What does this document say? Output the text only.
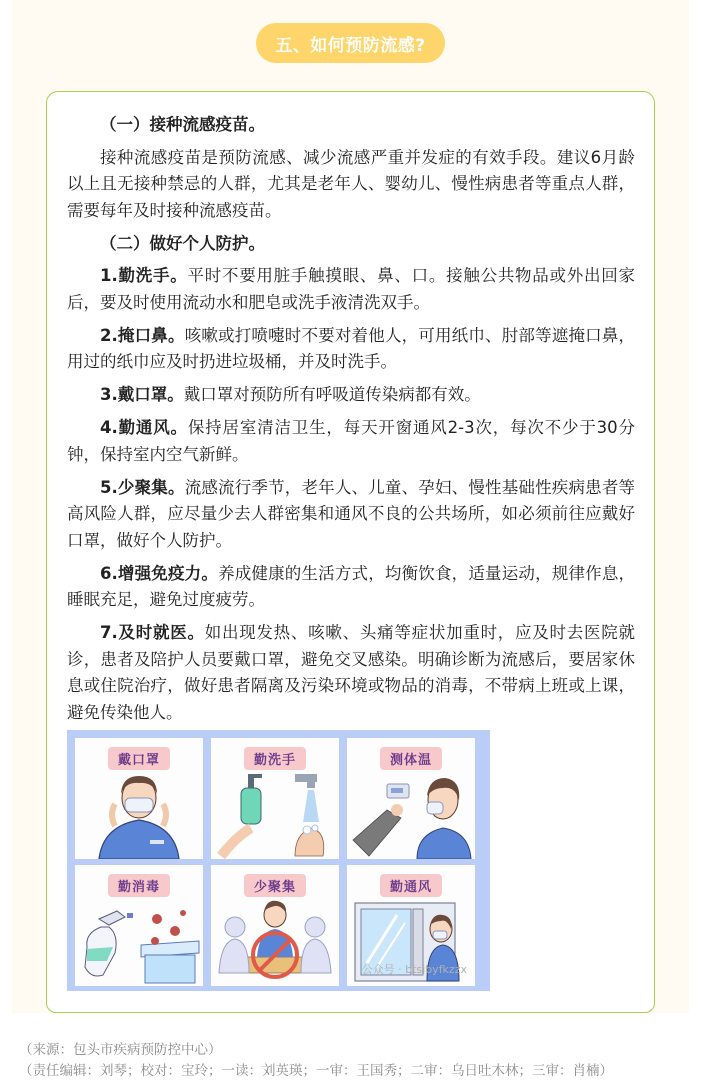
五、如何预防流感?

（一）接种流感疫苗。

接种流感疫苗是预防流感、减少流感严重并发症的有效手段。建议6月龄以上且无接种禁忌的人群，尤其是老年人、婴幼儿、慢性病患者等重点人群，需要每年及时接种流感疫苗。

（二）做好个人防护。

1.勤洗手。平时不要用脏手触摸眼、鼻、口。接触公共物品或外出回家后，要及时使用流动水和肥皂或洗手液清洗双手。

2.掩口鼻。咳嗽或打喷嚏时不要对着他人，可用纸巾、肘部等遮掩口鼻，用过的纸巾应及时扔进垃圾桶，并及时洗手。

3.戴口罩。戴口罩对预防所有呼吸道传染病都有效。

4.勤通风。保持居室清洁卫生，每天开窗通风2-3次，每次不少于30分钟，保持室内空气新鲜。

5.少聚集。流感流行季节，老年人、儿童、孕妇、慢性基础性疾病患者等高风险人群，应尽量少去人群密集和通风不良的公共场所，如必须前往应戴好口罩，做好个人防护。

6.增强免疫力。养成健康的生活方式，均衡饮食，适量运动，规律作息，睡眠充足，避免过度疲劳。

7.及时就医。如出现发热、咳嗽、头痛等症状加重时，应及时去医院就诊，患者及陪护人员要戴口罩，避免交叉感染。明确诊断为流感后，要居家休息或住院治疗，做好患者隔离及污染环境或物品的消毒，不带病上班或上课，避免传染他人。

戴口罩	勤洗手	测体温
勤消毒	少聚集	勤通风
公众号 · btsjbyfkzzx
（来源：包头市疾病预防控中心）
（责任编辑：刘琴；校对：宝玲；一读：刘英瑛；一审：王国秀；二审：乌日吐木林；三审：肖楠）
